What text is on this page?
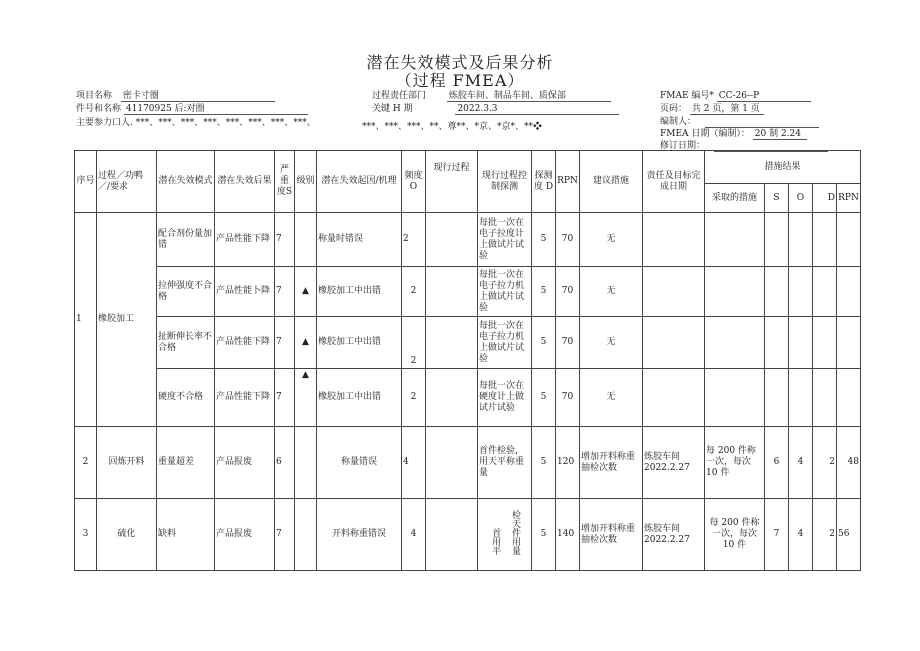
潜在失效模式及后果分析
（过程 FMEA）
项目名称 密卡寸圈
件号和名称 41170925 后:对圈
主要参力口人. ***、***、***、***、***、***、***、***、	***、***、***、**、尊**、*京、*京*、**❖
过程责任部门	炼胶车间、制品车间、质保部
关键 H 期	2022.3.3
FMAE 编号* CC-26--P
页码： 共 2 页，第 1 页
编制人：
FMEA 日期（编制）： 20 制 2.24
修订日期：
序号	过程／功鸭／/要求	潜在失效模式	潜在失效后果	严重度S	级别	潜在失效起因/机理	频度O	现行过程	现行过程控制探测	探测度 D	RPN	建议措施	责任及目标完成日期	措施结果				
														采取的措施	S	O	D	RPN
1	橡胶加工	配合剂份量加错	产品性能下降	7		称量时错误	2		每批一次在电子拉度计上做试片试验	5	70	无						
		拉伸强度不合格	产品性能卜降	7	▲	橡胶加工中出错	2		每批一次在电子拉力机上做试片试验	5	70	无						
		扯断伸长率不合格	产品性能下降	7	▲	橡胶加工中出错	2		每批一次在电子拉力机上做试片试验	5	70	无						
		硬度不合格	产品性能下降	7	▲	橡胶加工中出错	2		每批一次在硬度计上做试片试验	5	70	无						
2	回炼开料	重量超差	产品报废	6		称量错误	4		首件检验，用天平称重量	5	120	增加开料称重抽检次数	炼胶车间 2022.2.27	每 200 件称一次，每次 10 件	6	4	2	48
3	硫化	缺料	产品报废	7		开料称重错误	4		首用平 检天件用量	5	140	增加开料称重抽检次数	炼胶车间 2022.2.27	每 200 件称一次，每次 10 件	7	4	2	56
